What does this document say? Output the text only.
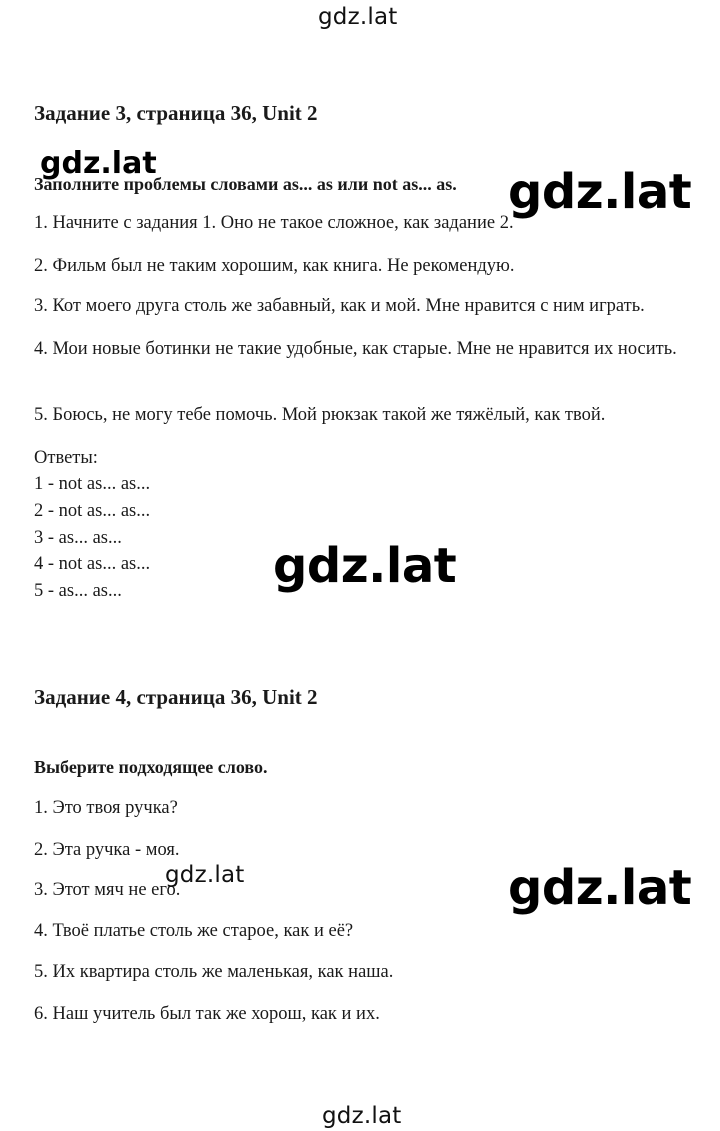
gdz.lat
Задание 3, страница 36, Unit 2
Заполните проблемы словами as... as или not as... as.
gdz.lat
gdz.lat
1. Начните с задания 1. Оно не такое сложное, как задание 2.
2. Фильм был не таким хорошим, как книга. Не рекомендую.
3. Кот моего друга столь же забавный, как и мой. Мне нравится с ним играть.
4. Мои новые ботинки не такие удобные, как старые. Мне не нравится их носить.
5. Боюсь, не могу тебе помочь. Мой рюкзак такой же тяжёлый, как твой.
Ответы:
1 - not as... as...
2 - not as... as...
3 - as... as...
4 - not as... as...
5 - as... as...	gdz.lat
Задание 4, страница 36, Unit 2
Выберите подходящее слово.
1. Это твоя ручка?
2. Эта ручка - моя.
3. Этот мяч не его.
4. Твоё платье столь же старое, как и её?
5. Их квартира столь же маленькая, как наша.
6. Наш учитель был так же хорош, как и их.
gdz.lat	gdz.lat
gdz.lat
